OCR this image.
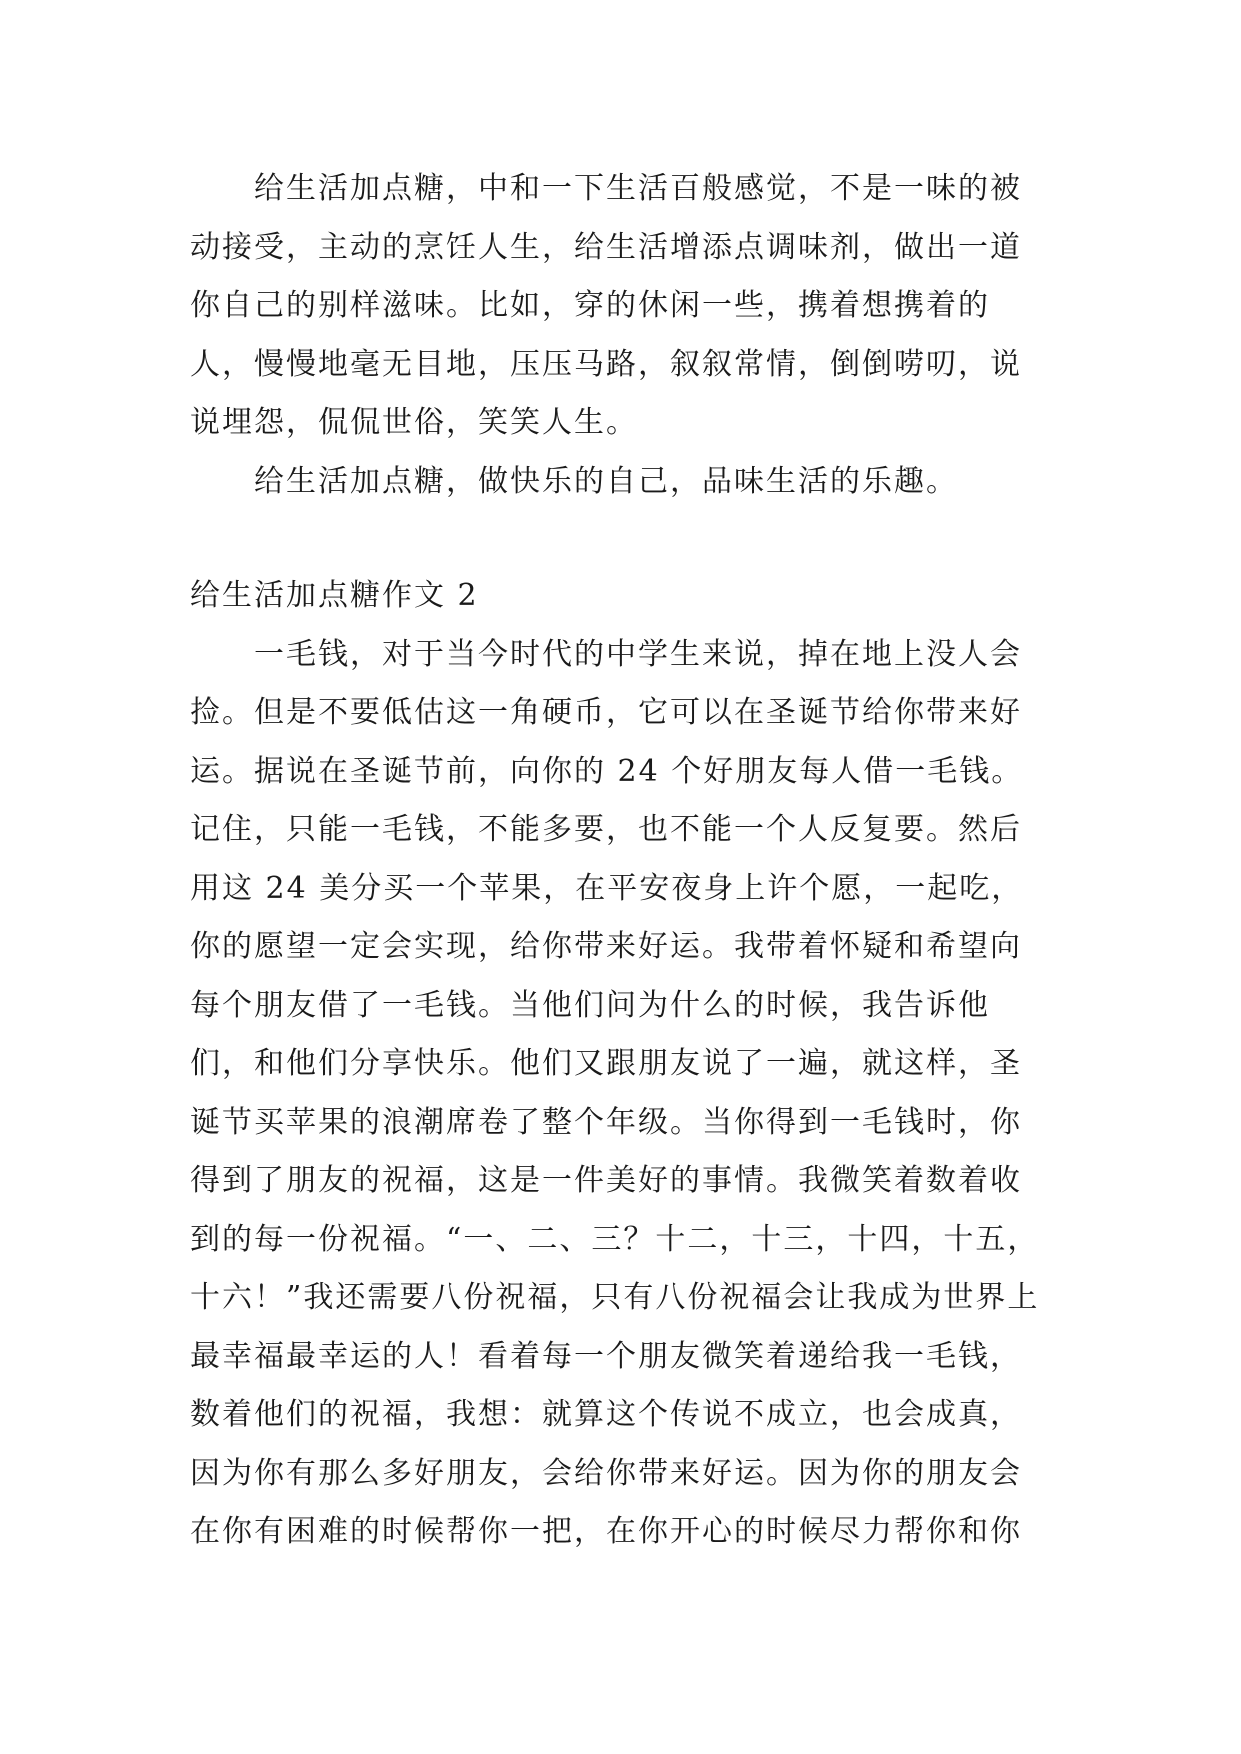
给生活加点糖，中和一下生活百般感觉，不是一味的被动接受，主动的烹饪人生，给生活增添点调味剂，做出一道你自己的别样滋味。比如，穿的休闲一些，携着想携着的人，慢慢地毫无目地，压压马路，叙叙常情，倒倒唠叨，说说埋怨，侃侃世俗，笑笑人生。

给生活加点糖，做快乐的自己，品味生活的乐趣。

给生活加点糖作文 2

一毛钱，对于当今时代的中学生来说，掉在地上没人会捡。但是不要低估这一角硬币，它可以在圣诞节给你带来好运。据说在圣诞节前，向你的 24 个好朋友每人借一毛钱。记住，只能一毛钱，不能多要，也不能一个人反复要。然后用这 24 美分买一个苹果，在平安夜身上许个愿，一起吃，你的愿望一定会实现，给你带来好运。我带着怀疑和希望向每个朋友借了一毛钱。当他们问为什么的时候，我告诉他们，和他们分享快乐。他们又跟朋友说了一遍，就这样，圣诞节买苹果的浪潮席卷了整个年级。当你得到一毛钱时，你得到了朋友的祝福，这是一件美好的事情。我微笑着数着收到的每一份祝福。“一、二、三？十二，十三，十四，十五，十六！”我还需要八份祝福，只有八份祝福会让我成为世界上最幸福最幸运的人！看着每一个朋友微笑着递给我一毛钱，数着他们的祝福，我想：就算这个传说不成立，也会成真，因为你有那么多好朋友，会给你带来好运。因为你的朋友会在你有困难的时候帮你一把，在你开心的时候尽力帮你和你
